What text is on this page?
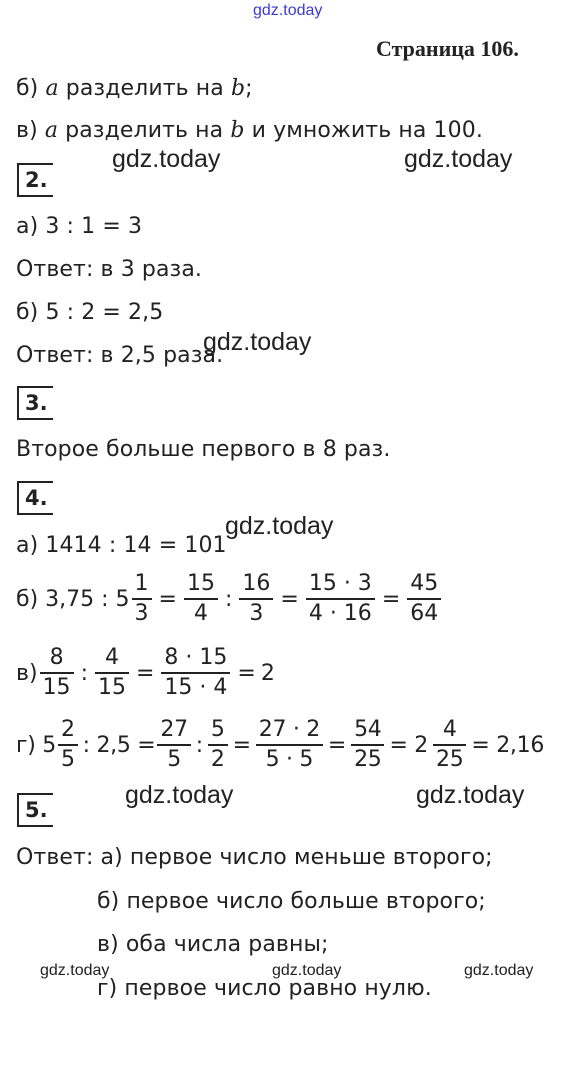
gdz.today
gdz.today	gdz.today
gdz.today
gdz.today
gdz.today	gdz.today
gdz.today	gdz.today	gdz.today
Страница 106.
б) a разделить на b;
в) a разделить на b и умножить на 100.
2.
а) 3 : 1 = 3
Ответ: в 3 раза.
б) 5 : 2 = 2,5
Ответ: в 2,5 раза.
3.
Второе больше первого в 8 раз.
4.
а) 1414 : 14 = 101
б) 3,75 : $5 \frac{1}{3} = \frac{15}{4}$ : $\frac{16}{3} = \frac{15 \cdot 3}{4 \cdot 16} = \frac{45}{64}$
$в) \frac{8}{15}$ : $\frac{4}{15} = \frac{8 \cdot 15}{15 \cdot 4} = 2$
г) $5 \frac{2}{5}$ : $2,5 = \frac{27}{5}$ : $\frac{5}{2} = \frac{27 \cdot 2}{5 \cdot 5} = \frac{54}{25} = 2 \frac{4}{25} = 2,16$
5.
Ответ: а) первое число меньше второго;
б) первое число больше второго;
в) оба числа равны;
г) первое число равно нулю.
